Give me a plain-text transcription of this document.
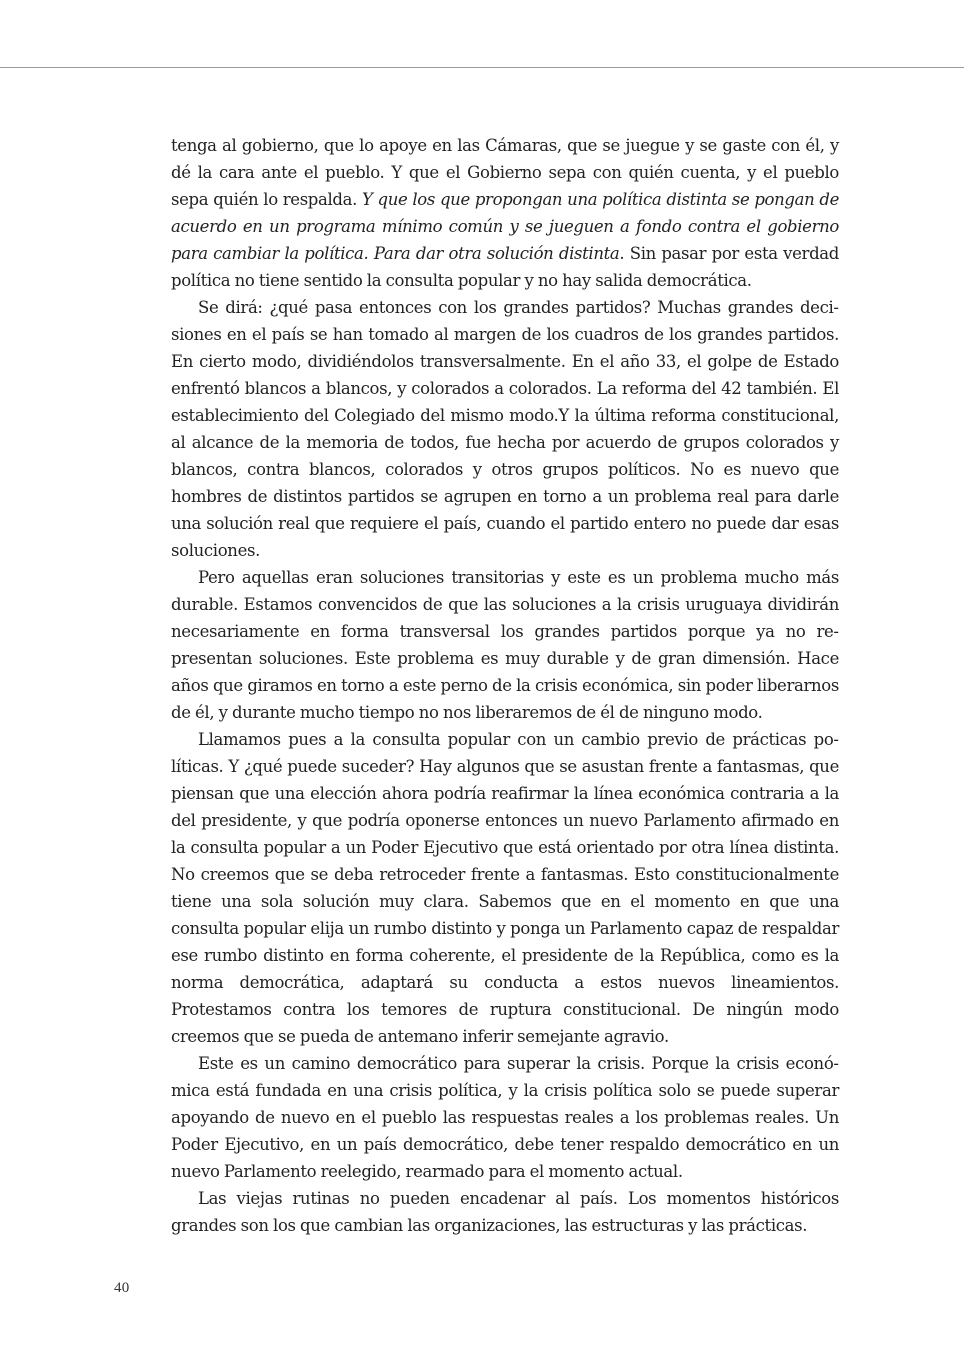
tenga al gobierno, que lo apoye en las Cámaras, que se juegue y se gaste con él, y dé la cara ante el pueblo. Y que el Gobierno sepa con quién cuenta, y el pueblo sepa quién lo respalda. Y que los que propongan una política distinta se pongan de acuerdo en un programa mínimo común y se jueguen a fondo contra el gobierno para cambiar la política. Para dar otra solución distinta. Sin pasar por esta verdad política no tiene sentido la consulta popular y no hay salida democrática.

Se dirá: ¿qué pasa entonces con los grandes partidos? Muchas grandes decisiones en el país se han tomado al margen de los cuadros de los grandes partidos. En cierto modo, dividiéndolos transversalmente. En el año 33, el golpe de Estado enfrentó blancos a blancos, y colorados a colorados. La reforma del 42 también. El establecimiento del Colegiado del mismo modo.Y la última reforma constitucional, al alcance de la memoria de todos, fue hecha por acuerdo de grupos colorados y blancos, contra blancos, colorados y otros grupos políticos. No es nuevo que hombres de distintos partidos se agrupen en torno a un problema real para darle una solución real que requiere el país, cuando el partido entero no puede dar esas soluciones.

Pero aquellas eran soluciones transitorias y este es un problema mucho más durable. Estamos convencidos de que las soluciones a la crisis uruguaya dividirán necesariamente en forma transversal los grandes partidos porque ya no representan soluciones. Este problema es muy durable y de gran dimensión. Hace años que giramos en torno a este perno de la crisis económica, sin poder liberarnos de él, y durante mucho tiempo no nos liberaremos de él de ninguno modo.

Llamamos pues a la consulta popular con un cambio previo de prácticas políticas. Y ¿qué puede suceder? Hay algunos que se asustan frente a fantasmas, que piensan que una elección ahora podría reafirmar la línea económica contraria a la del presidente, y que podría oponerse entonces un nuevo Parlamento afirmado en la consulta popular a un Poder Ejecutivo que está orientado por otra línea distinta. No creemos que se deba retroceder frente a fantasmas. Esto constitucionalmente tiene una sola solución muy clara. Sabemos que en el momento en que una consulta popular elija un rumbo distinto y ponga un Parlamento capaz de respaldar ese rumbo distinto en forma coherente, el presidente de la República, como es la norma democrática, adaptará su conducta a estos nuevos lineamientos. Protestamos contra los temores de ruptura constitucional. De ningún modo creemos que se pueda de antemano inferir semejante agravio.

Este es un camino democrático para superar la crisis. Porque la crisis económica está fundada en una crisis política, y la crisis política solo se puede superar apoyando de nuevo en el pueblo las respuestas reales a los problemas reales. Un Poder Ejecutivo, en un país democrático, debe tener respaldo democrático en un nuevo Parlamento reelegido, rearmado para el momento actual.

Las viejas rutinas no pueden encadenar al país. Los momentos históricos grandes son los que cambian las organizaciones, las estructuras y las prácticas.

40
